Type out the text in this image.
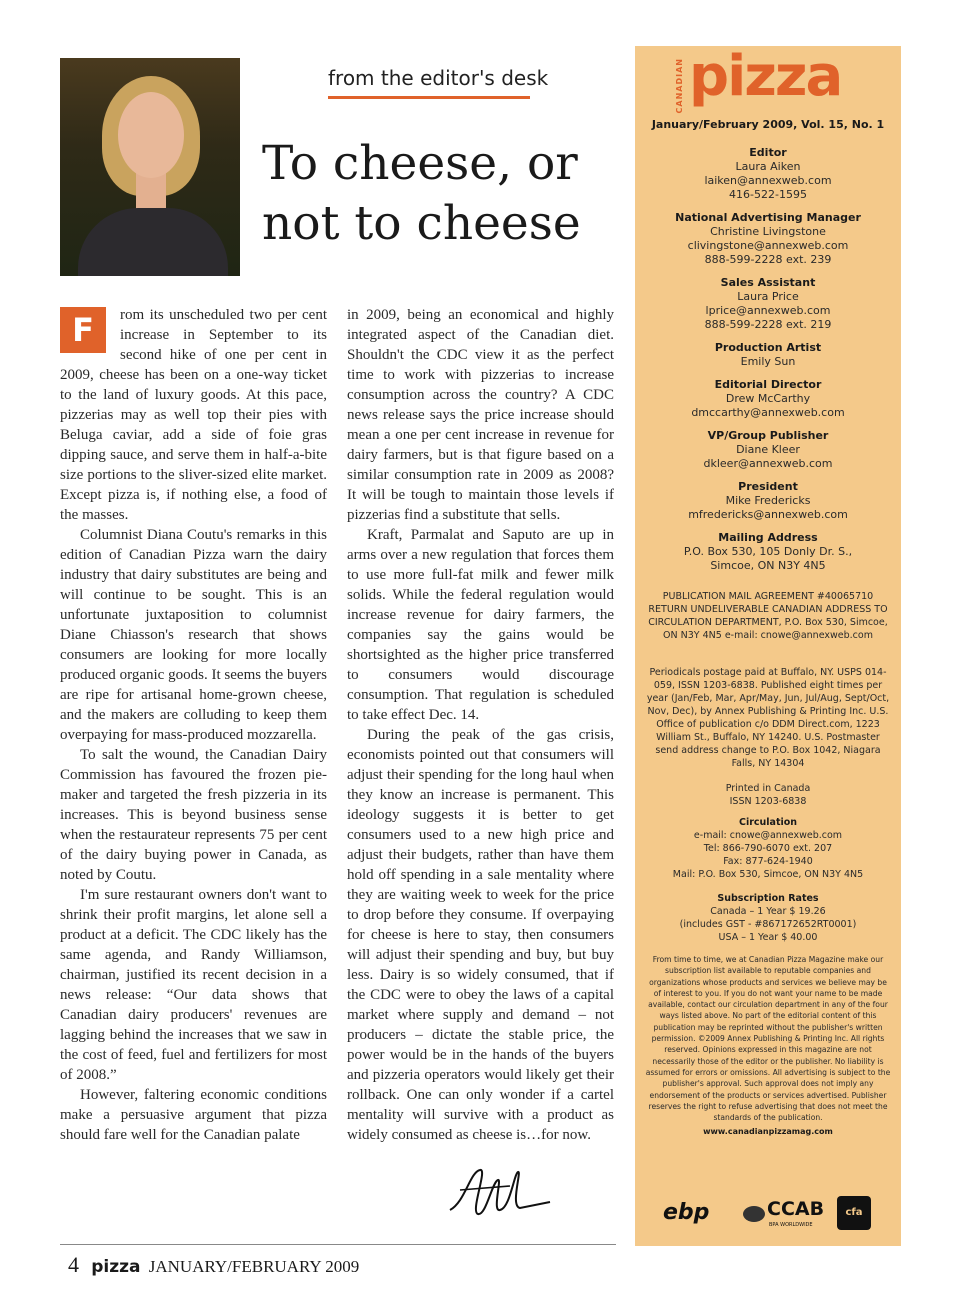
from the editor's desk
To cheese, or not to cheese

F	rom its unscheduled two per cent increase in September to its second hike of one per cent in 2009, cheese has been on a one-way ticket to the land of luxury goods. At this pace, pizzerias may as well top their pies with Beluga caviar, add a side of foie gras dipping sauce, and serve them in half-a-bite size portions to the sliver-sized elite market. Except pizza is, if nothing else, a food of the masses.

Columnist Diana Coutu's remarks in this edition of Canadian Pizza warn the dairy industry that dairy substitutes are being and will continue to be sought. This is an unfortunate juxtaposition to columnist Diane Chiasson's research that shows consumers are looking for more locally produced organic goods. It seems the buyers are ripe for artisanal home-grown cheese, and the makers are colluding to keep them overpaying for mass-produced mozzarella.

To salt the wound, the Canadian Dairy Commission has favoured the frozen pie-maker and targeted the fresh pizzeria in its increases. This is beyond business sense when the restaurateur represents 75 per cent of the dairy buying power in Canada, as noted by Coutu.

I'm sure restaurant owners don't want to shrink their profit margins, let alone sell a product at a deficit. The CDC likely has the same agenda, and Randy Williamson, chairman, justified its recent decision in a news release: “Our data shows that Canadian dairy producers' revenues are lagging behind the increases that we saw in the cost of feed, fuel and fertilizers for most of 2008.”

However, faltering economic conditions make a persuasive argument that pizza should fare well for the Canadian palate

in 2009, being an economical and highly integrated aspect of the Canadian diet. Shouldn't the CDC view it as the perfect time to work with pizzerias to increase consumption across the country? A CDC news release says the price increase should mean a one per cent increase in revenue for dairy farmers, but is that figure based on a similar consumption rate in 2009 as 2008? It will be tough to maintain those levels if pizzerias find a substitute that sells.

Kraft, Parmalat and Saputo are up in arms over a new regulation that forces them to use more full-fat milk and fewer milk solids. While the federal regulation would increase revenue for dairy farmers, the companies say the gains would be shortsighted as the higher price transferred to consumers would discourage consumption. That regulation is scheduled to take effect Dec. 14.

During the peak of the gas crisis, economists pointed out that consumers will adjust their spending for the long haul when they know an increase is permanent. This ideology suggests it is better to get consumers used to a new high price and adjust their budgets, rather than have them hold off spending in a sale mentality where they are waiting week to week for the price to drop before they consume. If overpaying for cheese is here to stay, then consumers will adjust their spending and buy, but buy less. Dairy is so widely consumed, that if the CDC were to obey the laws of a capital market where supply and demand – not producers – dictate the stable price, the power would be in the hands of the buyers and pizzeria operators would likely get their rollback. One can only wonder if a cartel mentality will survive with a product as widely consumed as cheese is…for now.

4 pizza JANUARY/FEBRUARY 2009
CANADIAN pizza
January/February 2009, Vol. 15, No. 1
Editor
Laura Aiken
laiken@annexweb.com
416-522-1595
National Advertising Manager
Christine Livingstone
clivingstone@annexweb.com
888-599-2228 ext. 239
Sales Assistant
Laura Price
lprice@annexweb.com
888-599-2228 ext. 219
Production Artist
Emily Sun
Editorial Director
Drew McCarthy
dmccarthy@annexweb.com
VP/Group Publisher
Diane Kleer
dkleer@annexweb.com
President
Mike Fredericks
mfredericks@annexweb.com
Mailing Address
P.O. Box 530, 105 Donly Dr. S.,
Simcoe, ON N3Y 4N5
PUBLICATION MAIL AGREEMENT #40065710 RETURN UNDELIVERABLE CANADIAN ADDRESS TO CIRCULATION DEPARTMENT, P.O. Box 530, Simcoe, ON N3Y 4N5 e-mail: cnowe@annexweb.com
Periodicals postage paid at Buffalo, NY. USPS 014-059, ISSN 1203-6838. Published eight times per year (Jan/Feb, Mar, Apr/May, Jun, Jul/Aug, Sept/Oct, Nov, Dec), by Annex Publishing & Printing Inc. U.S. Office of publication c/o DDM Direct.com, 1223 William St., Buffalo, NY 14240. U.S. Postmaster send address change to P.O. Box 1042, Niagara Falls, NY 14304
Printed in Canada
ISSN 1203-6838
Circulation
e-mail: cnowe@annexweb.com
Tel: 866-790-6070 ext. 207
Fax: 877-624-1940
Mail: P.O. Box 530, Simcoe, ON N3Y 4N5
Subscription Rates
Canada – 1 Year $ 19.26
(includes GST - #867172652RT0001)
USA – 1 Year $ 40.00
From time to time, we at Canadian Pizza Magazine make our subscription list available to reputable companies and organizations whose products and services we believe may be of interest to you. If you do not want your name to be made available, contact our circulation department in any of the four ways listed above. No part of the editorial content of this publication may be reprinted without the publisher's written permission. ©2009 Annex Publishing & Printing Inc. All rights reserved. Opinions expressed in this magazine are not necessarily those of the editor or the publisher. No liability is assumed for errors or omissions. All advertising is subject to the publisher's approval. Such approval does not imply any endorsement of the products or services advertised. Publisher reserves the right to refuse advertising that does not meet the standards of the publication.
www.canadianpizzamag.com
ebp	CCAB
BPA WORLDWIDE
cfa
